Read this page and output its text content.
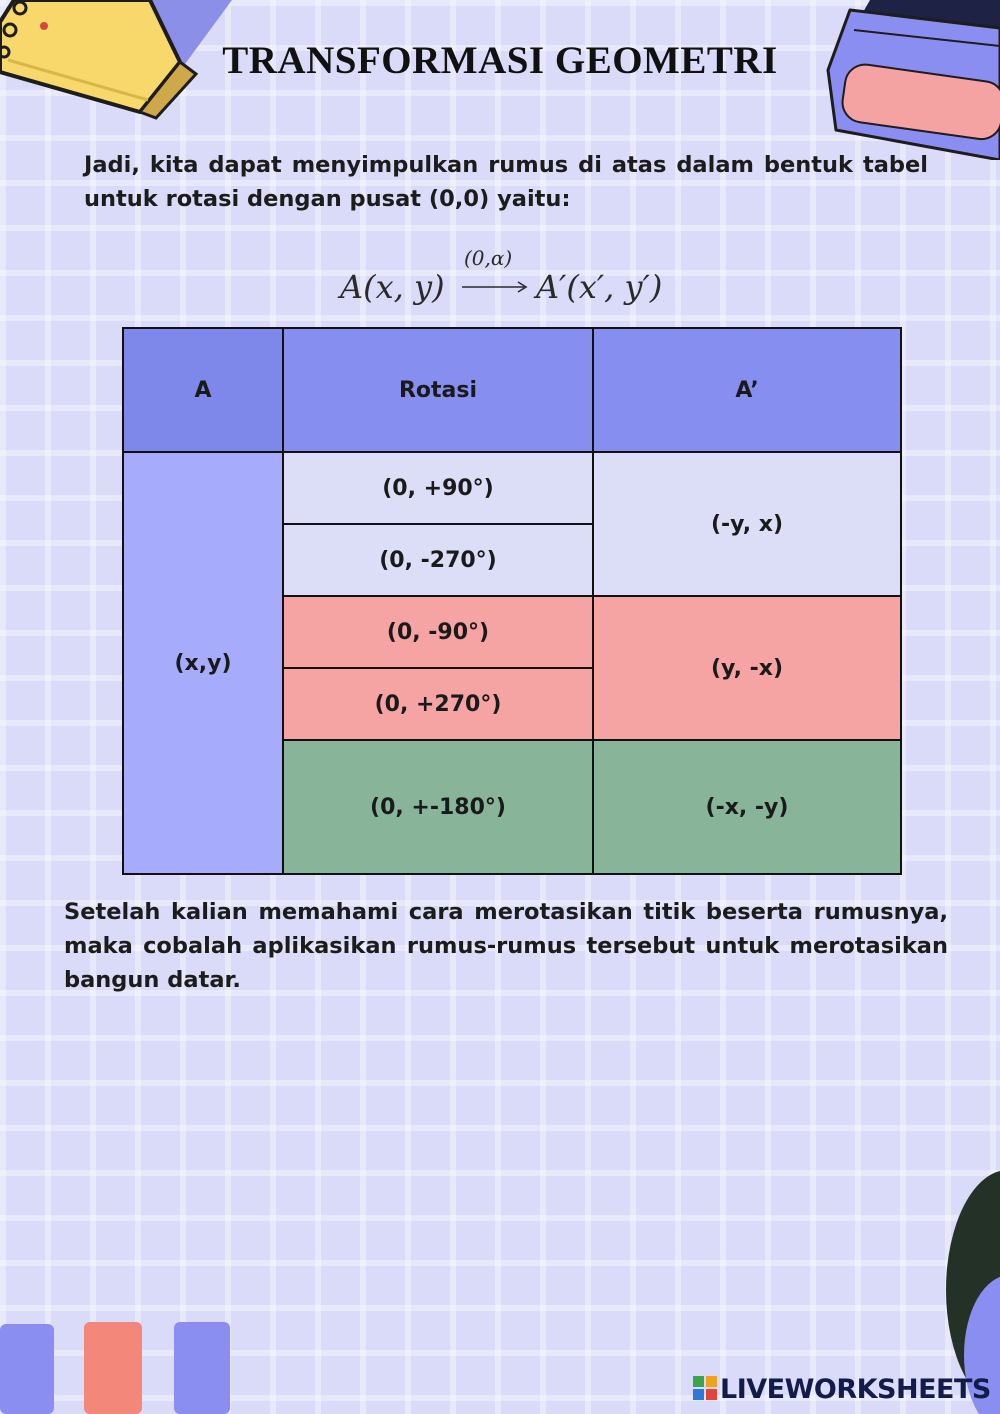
TRANSFORMASI GEOMETRI
Jadi, kita dapat menyimpulkan rumus di atas dalam bentuk tabel untuk rotasi dengan pusat (0,0) yaitu:
A(x, y)
(0,α)
A′(x′, y′)
A	Rotasi	A’
(x,y)	(0, +90°)	(-y, x)
	(0, -270°)	
	(0, -90°)	(y, -x)
	(0, +270°)	
	(0, +-180°)	(-x, -y)
Setelah kalian memahami cara merotasikan titik beserta rumusnya, maka cobalah aplikasikan rumus-rumus tersebut untuk merotasikan bangun datar.
LIVEWORKSHEETS
